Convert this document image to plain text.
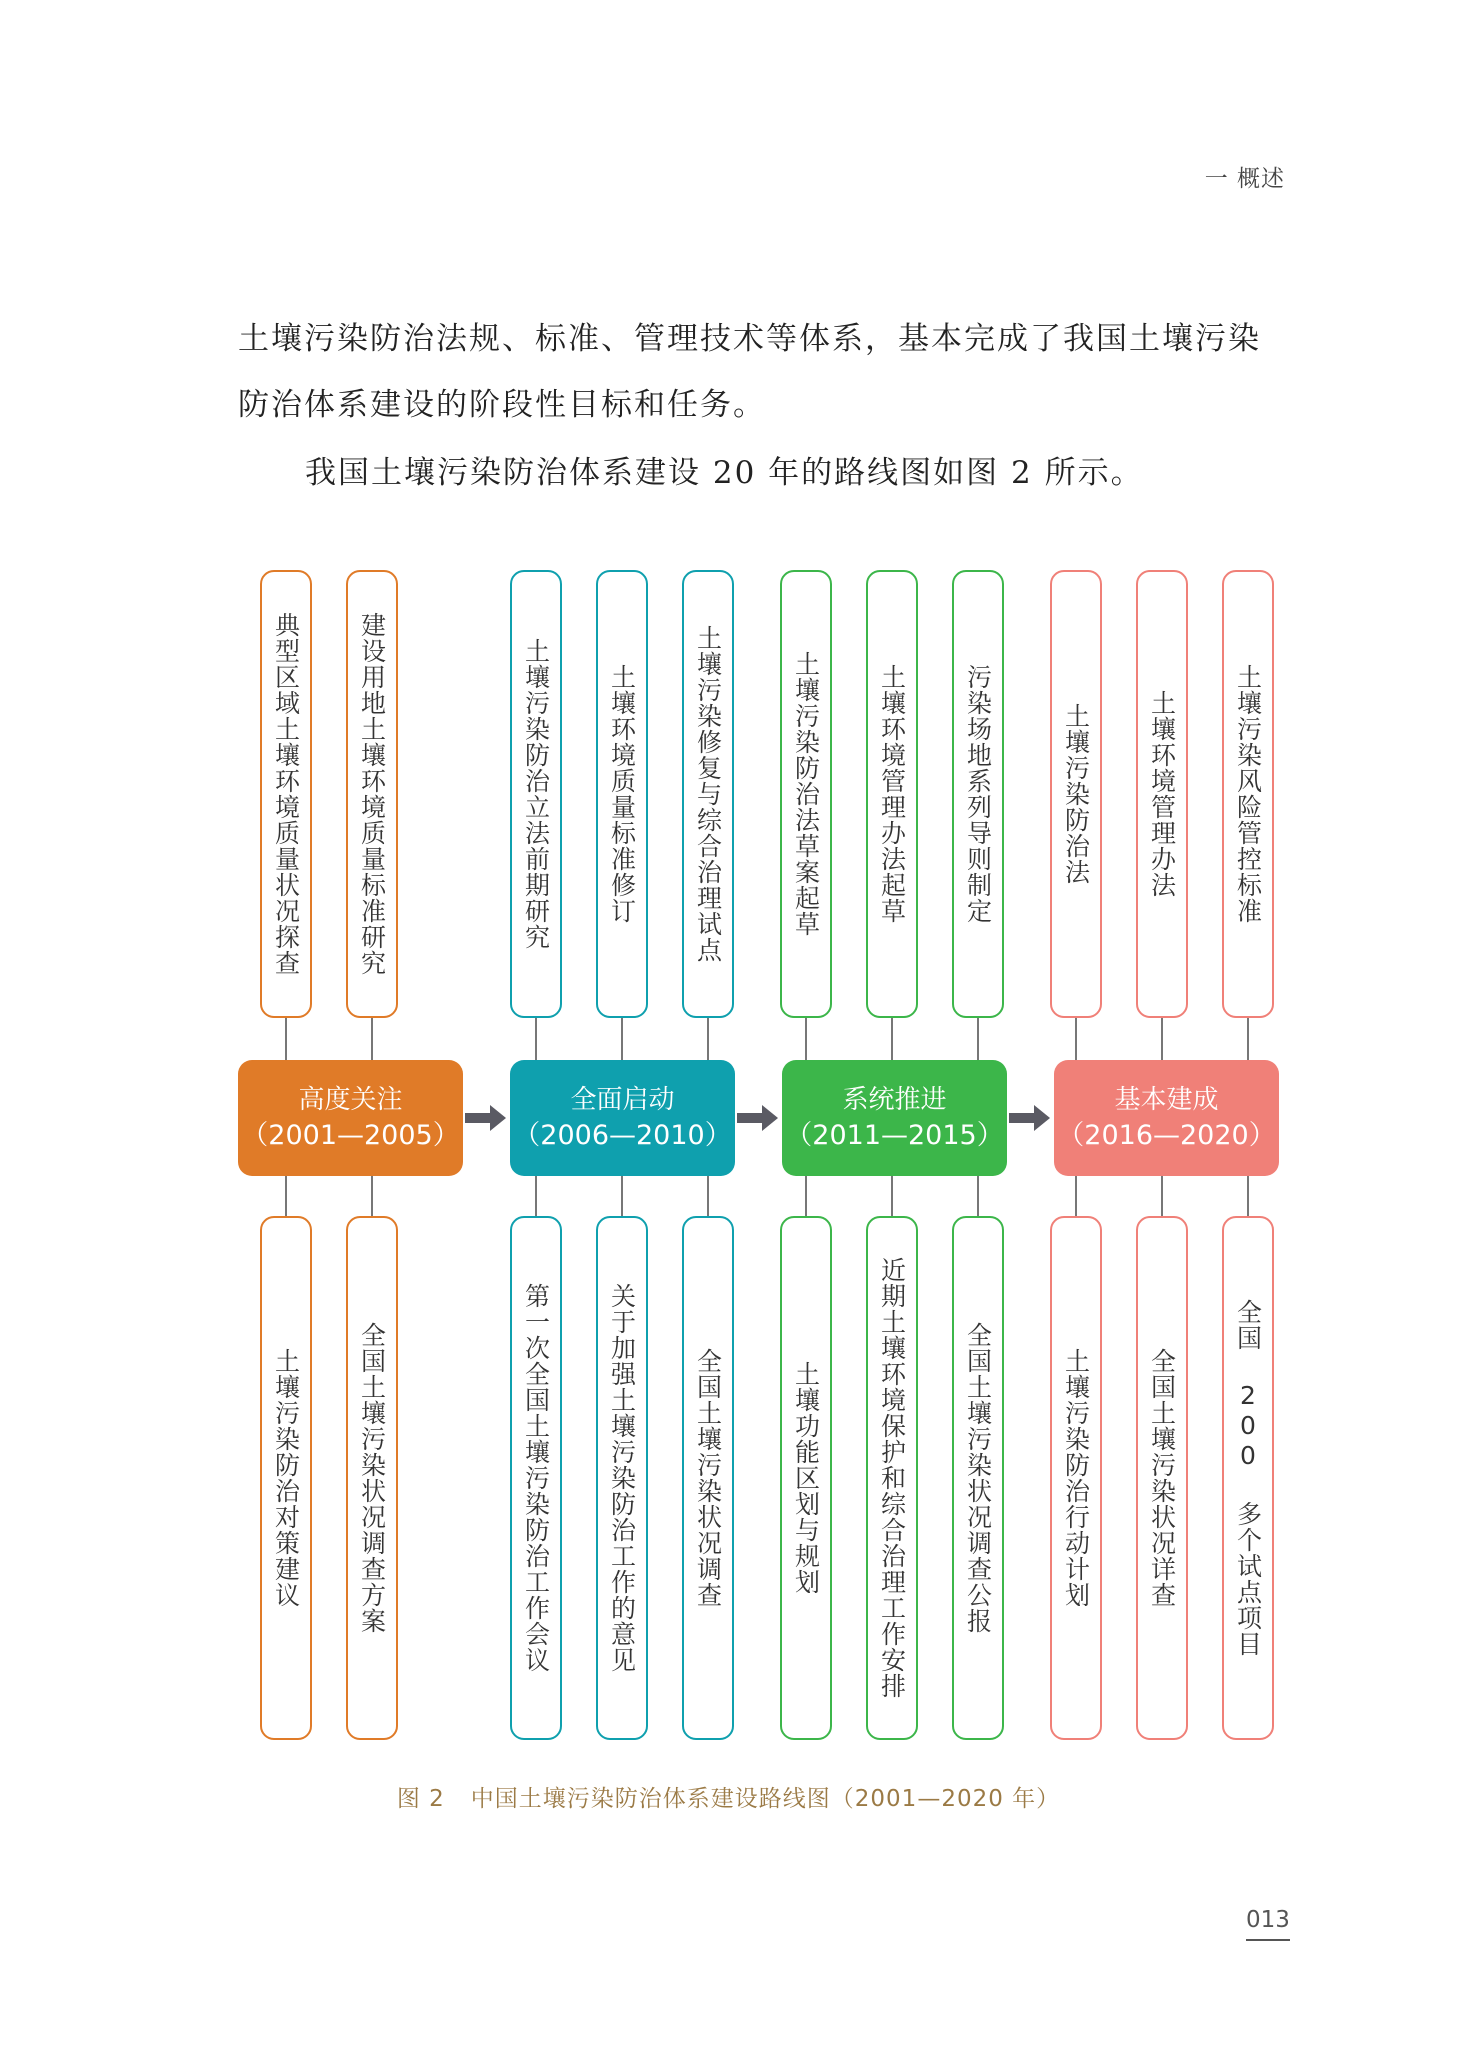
一 概述
土壤污染防治法规、标准、管理技术等体系，基本完成了我国土壤污染防治体系建设的阶段性目标和任务。
我国土壤污染防治体系建设 20 年的路线图如图 2 所示。
高度关注
（2001—2005）
典型区域土壤环境质量状况探查 建设用地土壤环境质量标准研究
土壤污染防治对策建议 全国土壤污染状况调查方案
全面启动
（2006—2010）
土壤污染防治立法前期研究 土壤环境质量标准修订 土壤污染修复与综合治理试点
第一次全国土壤污染防治工作会议 关于加强土壤污染防治工作的意见 全国土壤污染状况调查
系统推进
（2011—2015）
土壤污染防治法草案起草 土壤环境管理办法起草 污染场地系列导则制定
土壤功能区划与规划 近期土壤环境保护和综合治理工作安排 全国土壤污染状况调查公报
基本建成
（2016—2020）
土壤污染防治法 土壤环境管理办法 土壤污染风险管控标准
土壤污染防治行动计划 全国土壤污染状况详查 全国 200 多个试点项目
图 2 中国土壤污染防治体系建设路线图（2001—2020 年）
013
